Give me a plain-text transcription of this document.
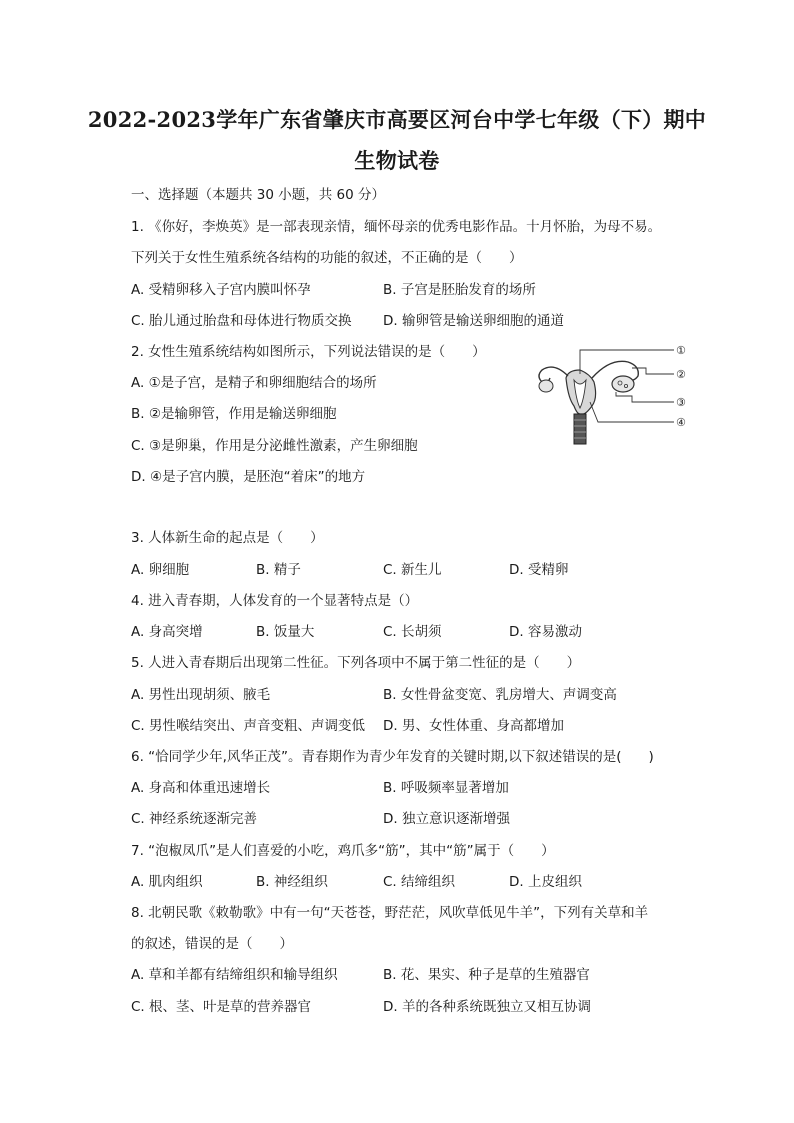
2022-2023学年广东省肇庆市高要区河台中学七年级（下）期中
生物试卷
一、选择题（本题共 30 小题，共 60 分）
1. 《你好，李焕英》是一部表现亲情，缅怀母亲的优秀电影作品。十月怀胎，为母不易。
下列关于女性生殖系统各结构的功能的叙述，不正确的是（　　）
A. 受精卵移入子宫内膜叫怀孕	B. 子宫是胚胎发育的场所
C. 胎儿通过胎盘和母体进行物质交换 D. 输卵管是输送卵细胞的通道
2. 女性生殖系统结构如图所示，下列说法错误的是（　　）
A. ①是子宫，是精子和卵细胞结合的场所
B. ②是输卵管，作用是输送卵细胞
C. ③是卵巢，作用是分泌雌性激素，产生卵细胞
D. ④是子宫内膜，是胚泡“着床”的地方
①
②
③
④
3. 人体新生命的起点是（　　）
A. 卵细胞	B. 精子	C. 新生儿	D. 受精卵
4. 进入青春期，人体发育的一个显著特点是（）
A. 身高突增	B. 饭量大	C. 长胡须	D. 容易激动
5. 人进入青春期后出现第二性征。下列各项中不属于第二性征的是（　　）
A. 男性出现胡须、腋毛	B. 女性骨盆变宽、乳房增大、声调变高
C. 男性喉结突出、声音变粗、声调变低 D. 男、女性体重、身高都增加
6. “恰同学少年,风华正茂”。青春期作为青少年发育的关键时期,以下叙述错误的是(　　)
A. 身高和体重迅速增长	B. 呼吸频率显著增加
C. 神经系统逐渐完善	D. 独立意识逐渐增强
7. “泡椒凤爪”是人们喜爱的小吃，鸡爪多“筋”，其中“筋”属于（　　）
A. 肌肉组织	B. 神经组织	C. 结缔组织	D. 上皮组织
8. 北朝民歌《敕勒歌》中有一句“天苍苍，野茫茫，风吹草低见牛羊”，下列有关草和羊
的叙述，错误的是（　　）
A. 草和羊都有结缔组织和输导组织	B. 花、果实、种子是草的生殖器官
C. 根、茎、叶是草的营养器官	D. 羊的各种系统既独立又相互协调
